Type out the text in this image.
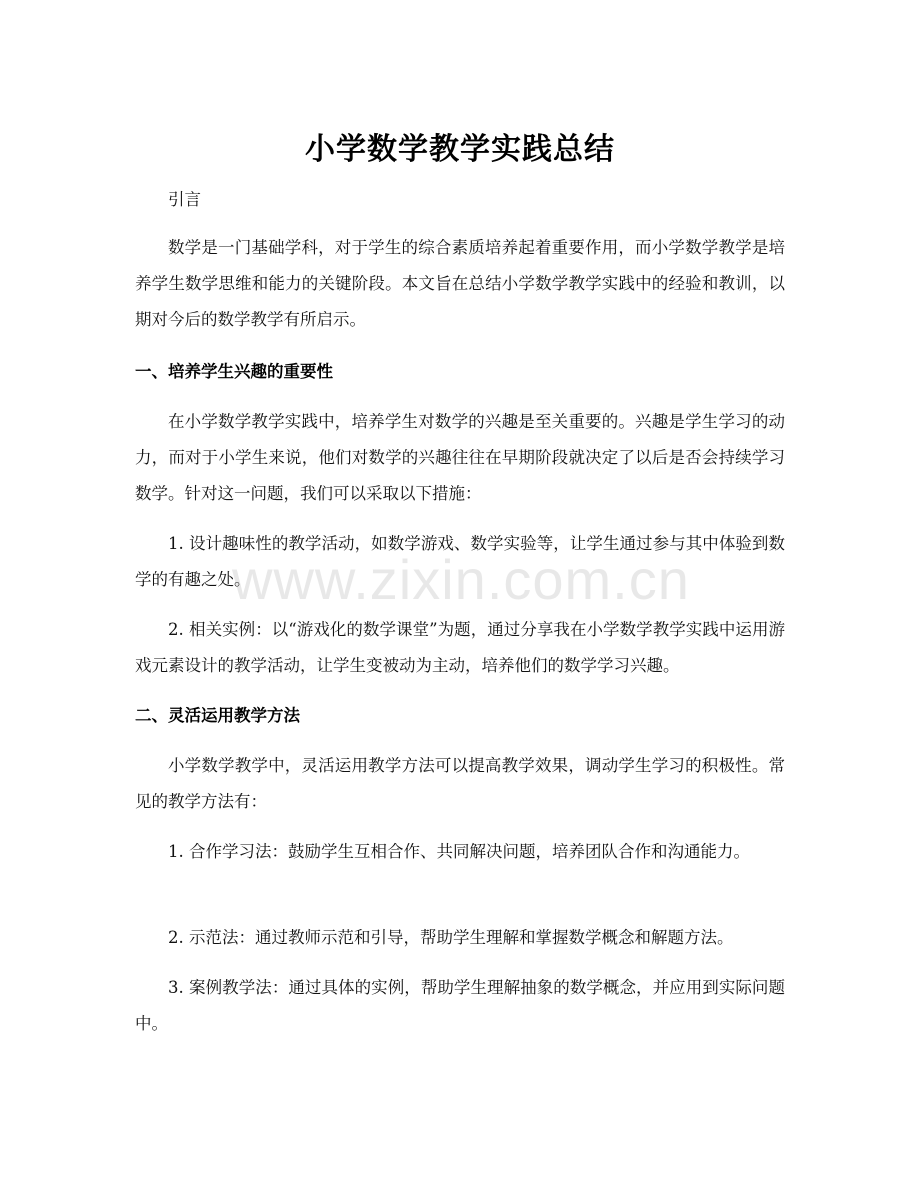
小学数学教学实践总结

引言

数学是一门基础学科，对于学生的综合素质培养起着重要作用，而小学数学教学是培养学生数学思维和能力的关键阶段。本文旨在总结小学数学教学实践中的经验和教训，以期对今后的数学教学有所启示。

一、培养学生兴趣的重要性

在小学数学教学实践中，培养学生对数学的兴趣是至关重要的。兴趣是学生学习的动力，而对于小学生来说，他们对数学的兴趣往往在早期阶段就决定了以后是否会持续学习数学。针对这一问题，我们可以采取以下措施：

1. 设计趣味性的教学活动，如数学游戏、数学实验等，让学生通过参与其中体验到数学的有趣之处。

2. 相关实例：以“游戏化的数学课堂”为题，通过分享我在小学数学教学实践中运用游戏元素设计的教学活动，让学生变被动为主动，培养他们的数学学习兴趣。

二、灵活运用教学方法

小学数学教学中，灵活运用教学方法可以提高教学效果，调动学生学习的积极性。常见的教学方法有：

1. 合作学习法：鼓励学生互相合作、共同解决问题，培养团队合作和沟通能力。

2. 示范法：通过教师示范和引导，帮助学生理解和掌握数学概念和解题方法。

3. 案例教学法：通过具体的实例，帮助学生理解抽象的数学概念，并应用到实际问题中。

www.zixin.com.cn
